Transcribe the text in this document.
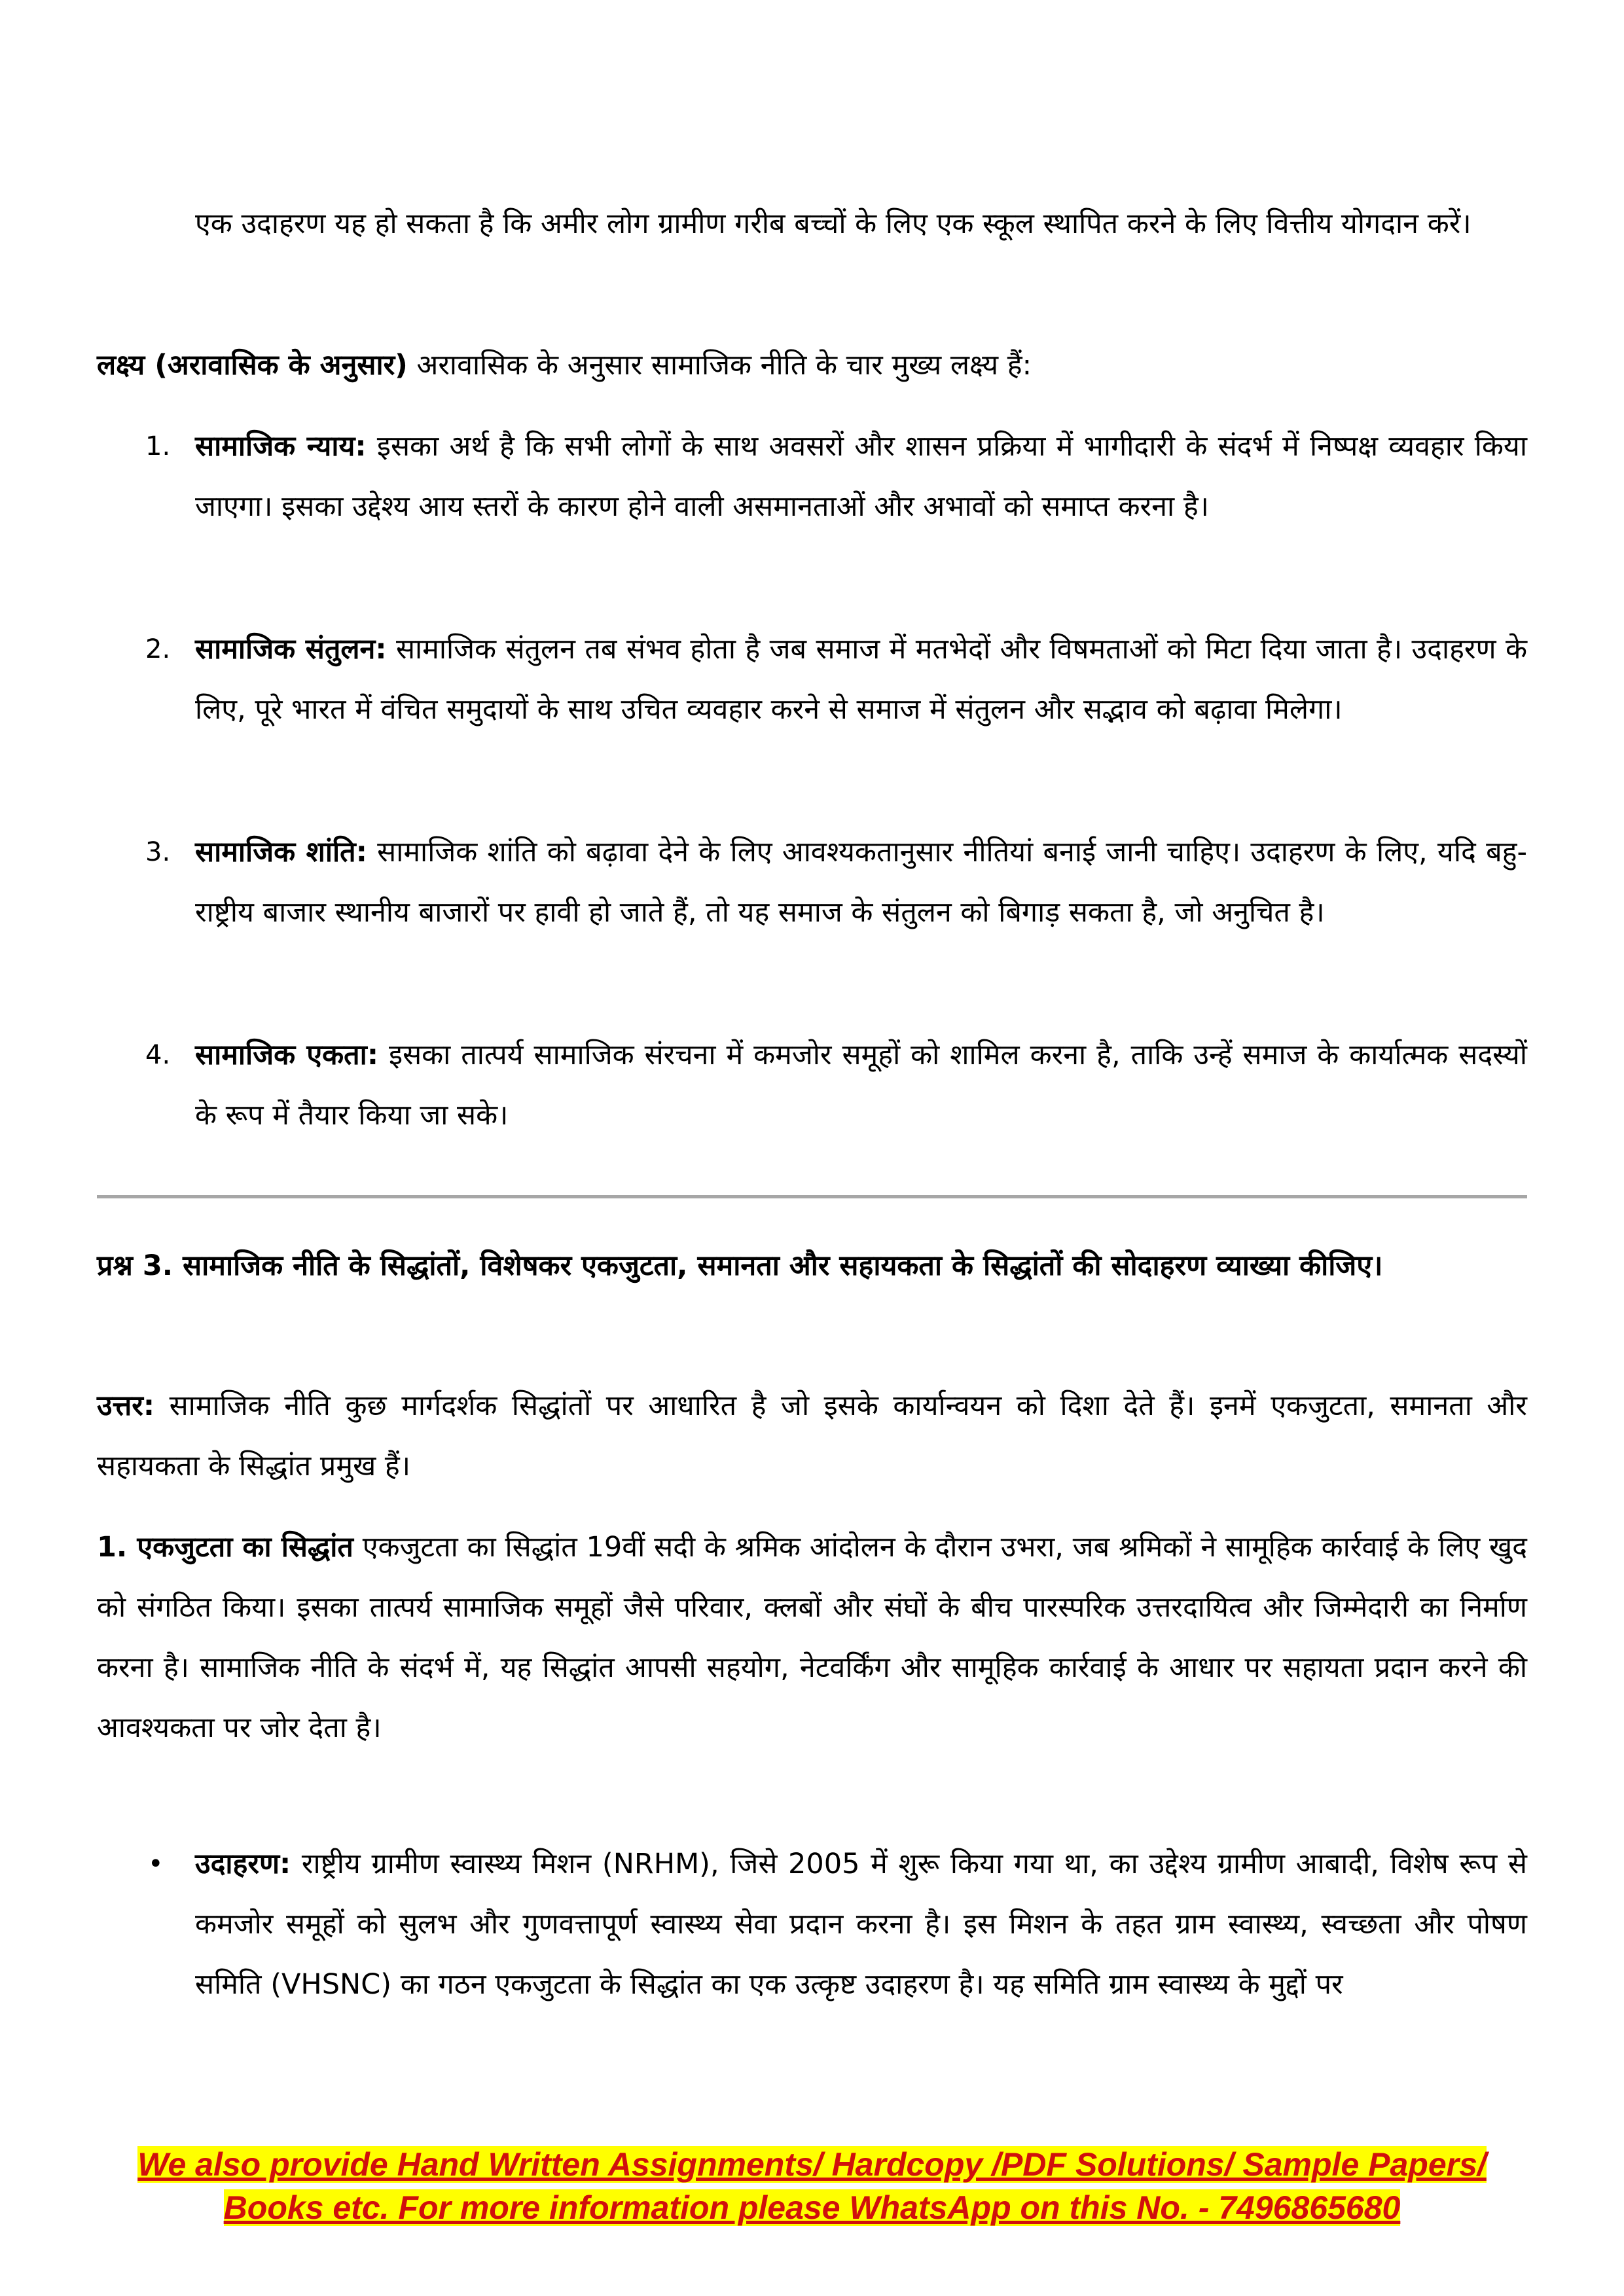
एक उदाहरण यह हो सकता है कि अमीर लोग ग्रामीण गरीब बच्चों के लिए एक स्कूल स्थापित करने के लिए वित्तीय योगदान करें।

लक्ष्य (अरावासिक के अनुसार) अरावासिक के अनुसार सामाजिक नीति के चार मुख्य लक्ष्य हैं:

1. सामाजिक न्याय: इसका अर्थ है कि सभी लोगों के साथ अवसरों और शासन प्रक्रिया में भागीदारी के संदर्भ में निष्पक्ष व्यवहार किया जाएगा। इसका उद्देश्य आय स्तरों के कारण होने वाली असमानताओं और अभावों को समाप्त करना है।
2. सामाजिक संतुलन: सामाजिक संतुलन तब संभव होता है जब समाज में मतभेदों और विषमताओं को मिटा दिया जाता है। उदाहरण के लिए, पूरे भारत में वंचित समुदायों के साथ उचित व्यवहार करने से समाज में संतुलन और सद्भाव को बढ़ावा मिलेगा।
3. सामाजिक शांति: सामाजिक शांति को बढ़ावा देने के लिए आवश्यकतानुसार नीतियां बनाई जानी चाहिए। उदाहरण के लिए, यदि बहु-राष्ट्रीय बाजार स्थानीय बाजारों पर हावी हो जाते हैं, तो यह समाज के संतुलन को बिगाड़ सकता है, जो अनुचित है।
4. सामाजिक एकता: इसका तात्पर्य सामाजिक संरचना में कमजोर समूहों को शामिल करना है, ताकि उन्हें समाज के कार्यात्मक सदस्यों के रूप में तैयार किया जा सके।

प्रश्न 3. सामाजिक नीति के सिद्धांतों, विशेषकर एकजुटता, समानता और सहायकता के सिद्धांतों की सोदाहरण व्याख्या कीजिए।

उत्तर: सामाजिक नीति कुछ मार्गदर्शक सिद्धांतों पर आधारित है जो इसके कार्यान्वयन को दिशा देते हैं। इनमें एकजुटता, समानता और सहायकता के सिद्धांत प्रमुख हैं।

1. एकजुटता का सिद्धांत एकजुटता का सिद्धांत 19वीं सदी के श्रमिक आंदोलन के दौरान उभरा, जब श्रमिकों ने सामूहिक कार्रवाई के लिए खुद को संगठित किया। इसका तात्पर्य सामाजिक समूहों जैसे परिवार, क्लबों और संघों के बीच पारस्परिक उत्तरदायित्व और जिम्मेदारी का निर्माण करना है। सामाजिक नीति के संदर्भ में, यह सिद्धांत आपसी सहयोग, नेटवर्किंग और सामूहिक कार्रवाई के आधार पर सहायता प्रदान करने की आवश्यकता पर जोर देता है।

• उदाहरण: राष्ट्रीय ग्रामीण स्वास्थ्य मिशन (NRHM), जिसे 2005 में शुरू किया गया था, का उद्देश्य ग्रामीण आबादी, विशेष रूप से कमजोर समूहों को सुलभ और गुणवत्तापूर्ण स्वास्थ्य सेवा प्रदान करना है। इस मिशन के तहत ग्राम स्वास्थ्य, स्वच्छता और पोषण समिति (VHSNC) का गठन एकजुटता के सिद्धांत का एक उत्कृष्ट उदाहरण है। यह समिति ग्राम स्वास्थ्य के मुद्दों पर
We also provide Hand Written Assignments/ Hardcopy /PDF Solutions/ Sample Papers/
Books etc. For more information please WhatsApp on this No. - 7496865680
